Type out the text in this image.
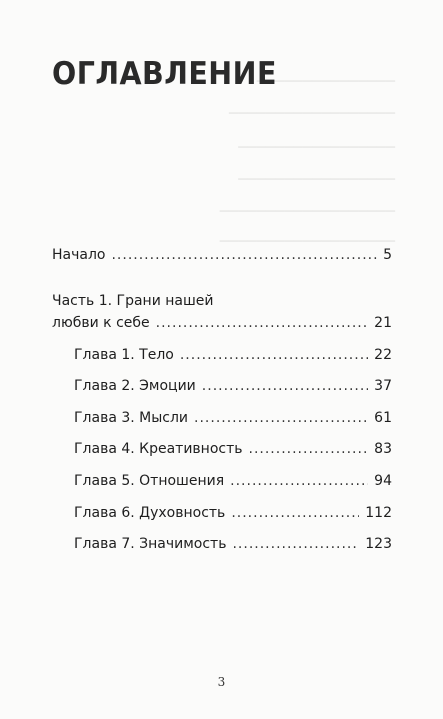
▁▁▁▁▁▁▁▁▁▁▁▁▁▁▁
▁▁▁▁▁▁▁▁▁▁▁▁▁▁▁▁▁▁
▁▁▁▁▁▁▁▁▁▁▁▁▁▁▁▁▁
▁▁▁▁▁▁▁▁▁▁▁▁▁▁▁▁▁
▁▁▁▁▁▁▁▁▁▁▁▁▁▁▁▁▁▁▁
▁▁▁▁▁▁▁▁▁▁▁▁▁▁▁▁▁▁▁
ОГЛАВЛЕНИЕ
Начало .....	5
Часть 1. Грани нашей
любви к себе .....	21
Глава 1. Тело .....	22
Глава 2. Эмоции .....	37
Глава 3. Мысли .....	61
Глава 4. Креативность .....	83
Глава 5. Отношения .....	94
Глава 6. Духовность .....	112
Глава 7. Значимость .....	123
3
